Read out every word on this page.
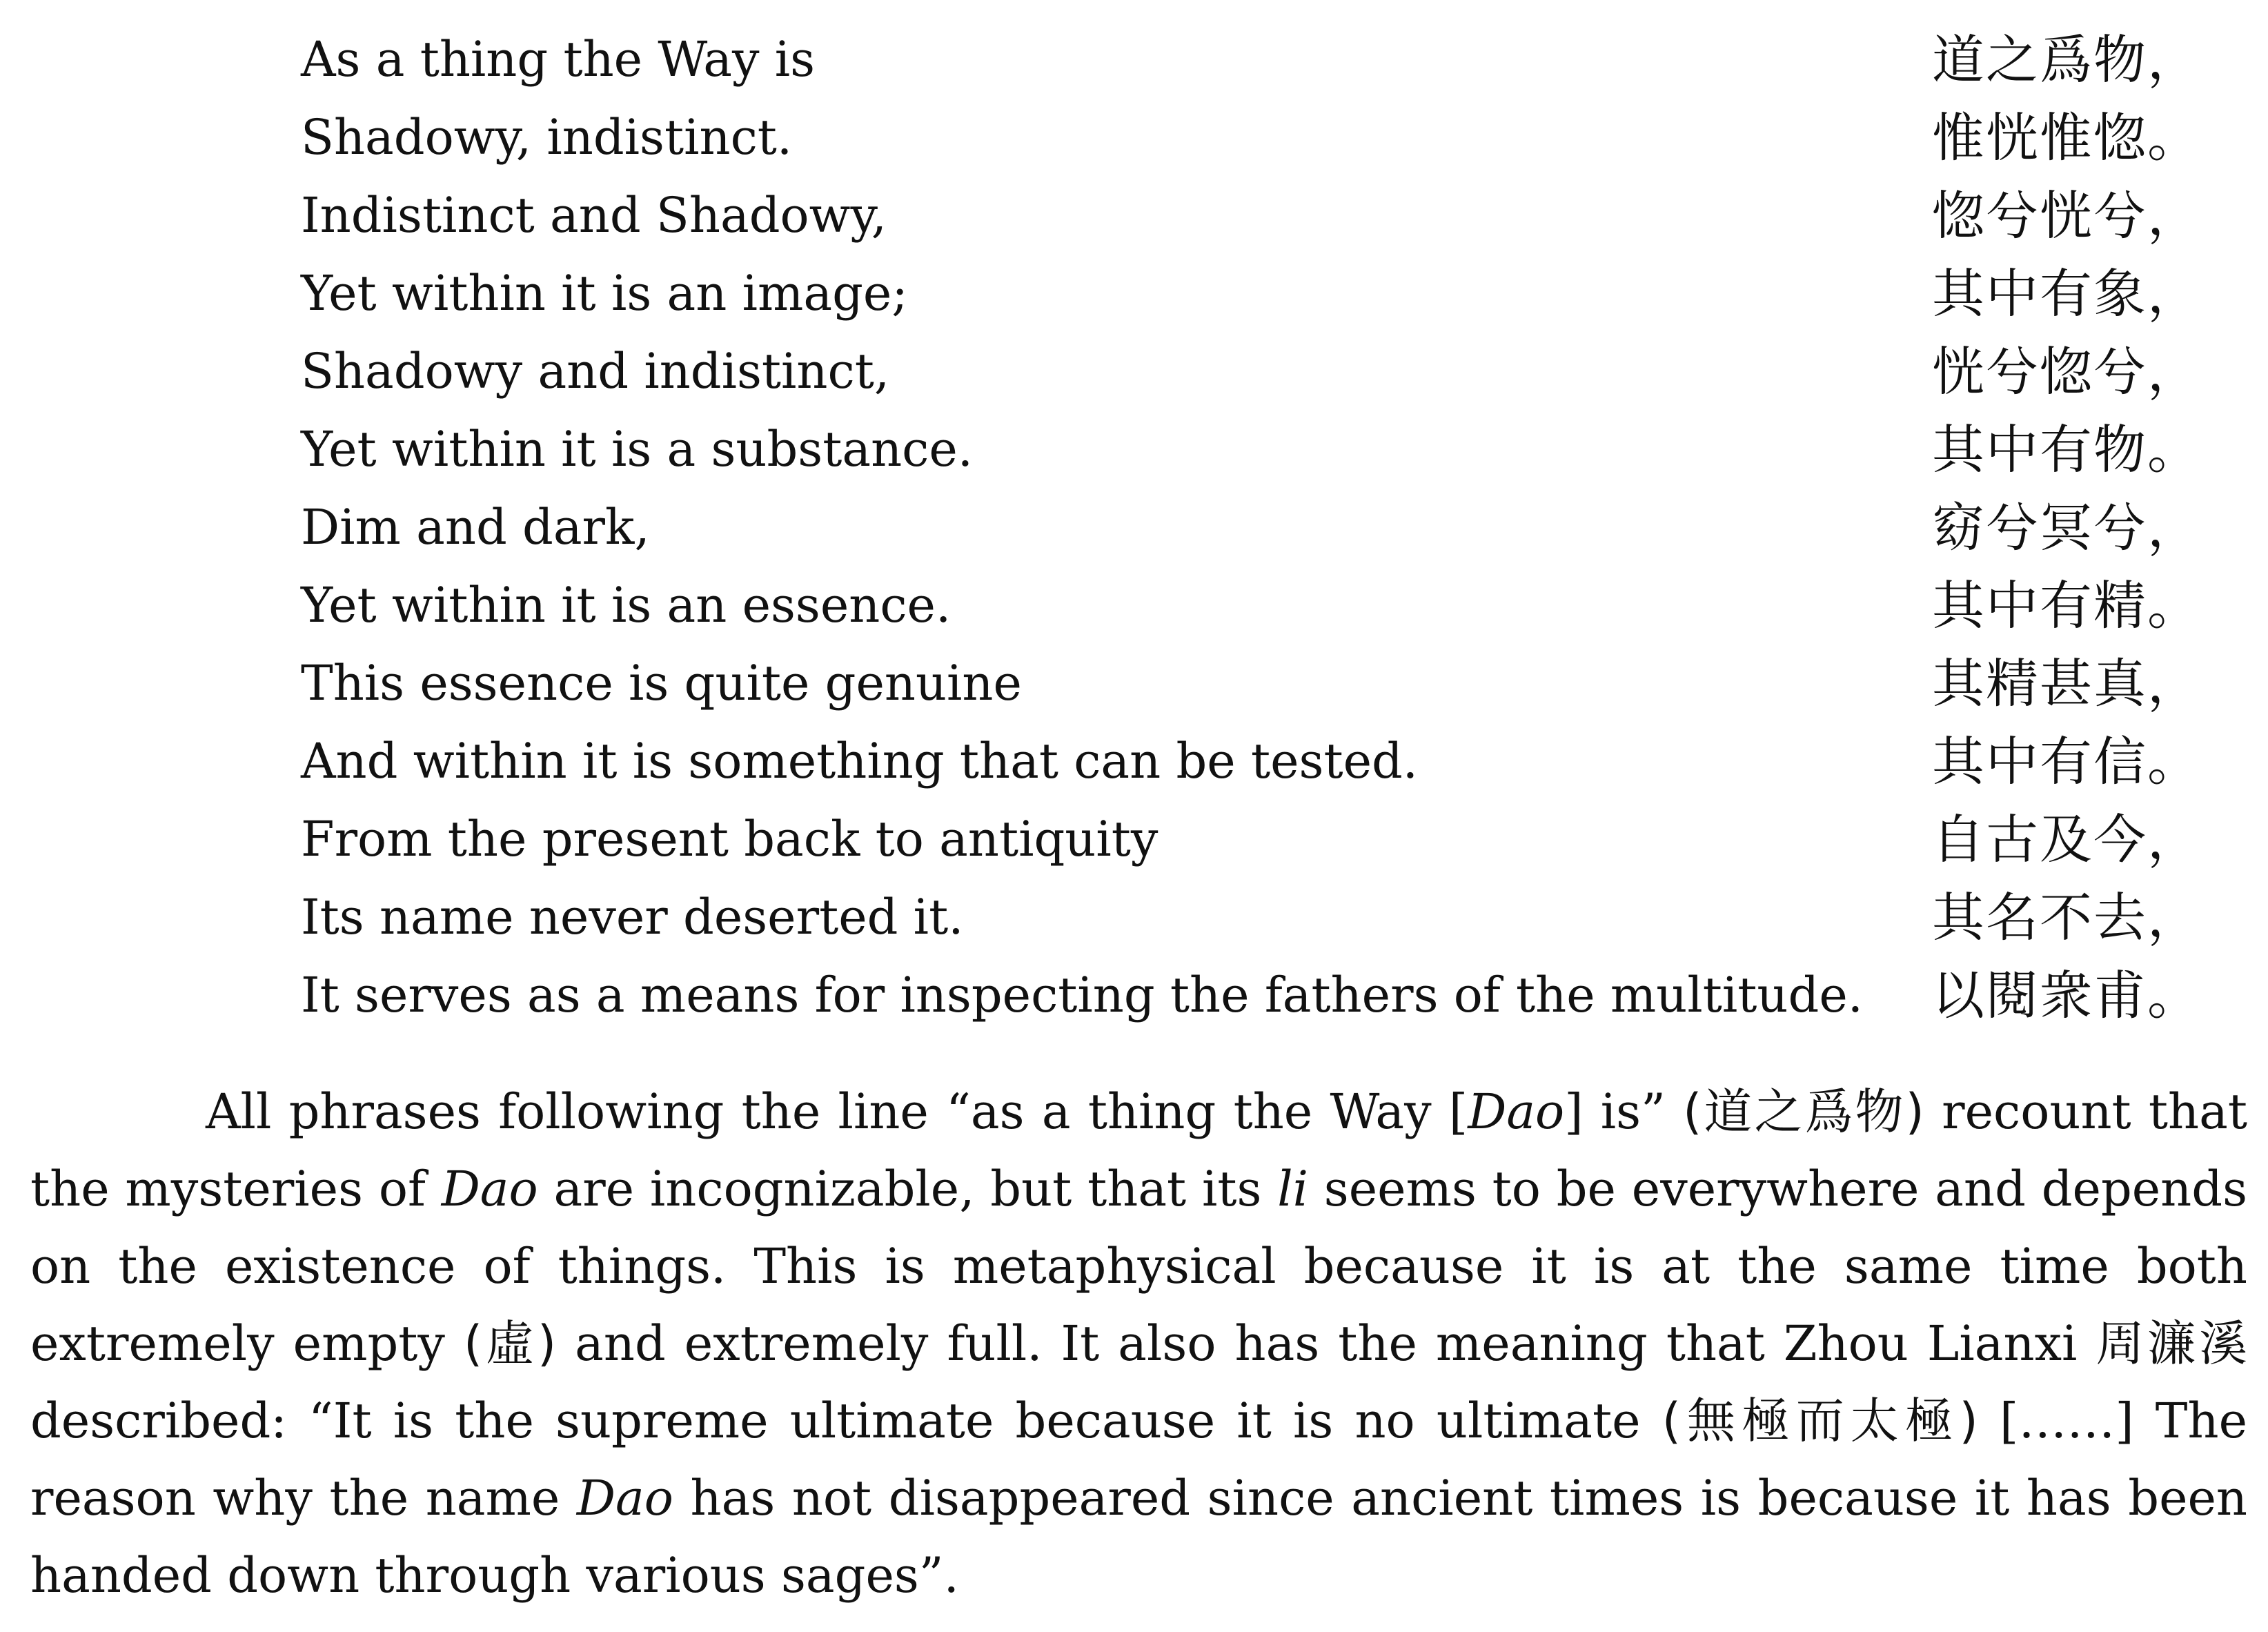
As a thing the Way is	道之爲物，
Shadowy, indistinct.	惟恍惟惚。
Indistinct and Shadowy,	惚兮恍兮，
Yet within it is an image;	其中有象，
Shadowy and indistinct,	恍兮惚兮，
Yet within it is a substance.	其中有物。
Dim and dark,	窈兮冥兮，
Yet within it is an essence.	其中有精。
This essence is quite genuine	其精甚真，
And within it is something that can be tested.	其中有信。
From the present back to antiquity	自古及今，
Its name never deserted it.	其名不去，
It serves as a means for inspecting the fathers of the multitude. 以閱衆甫。

All phrases following the line “as a thing the Way [Dao] is” (道之爲物) recount that the mysteries of Dao are incognizable, but that its li seems to be everywhere and depends on the existence of things. This is metaphysical because it is at the same time both extremely empty (虛) and extremely full. It also has the meaning that Zhou Lianxi 周濂溪 described: “It is the supreme ultimate because it is no ultimate (無極而太極) [……] The reason why the name Dao has not disappeared since ancient times is because it has been handed down through various sages”.
